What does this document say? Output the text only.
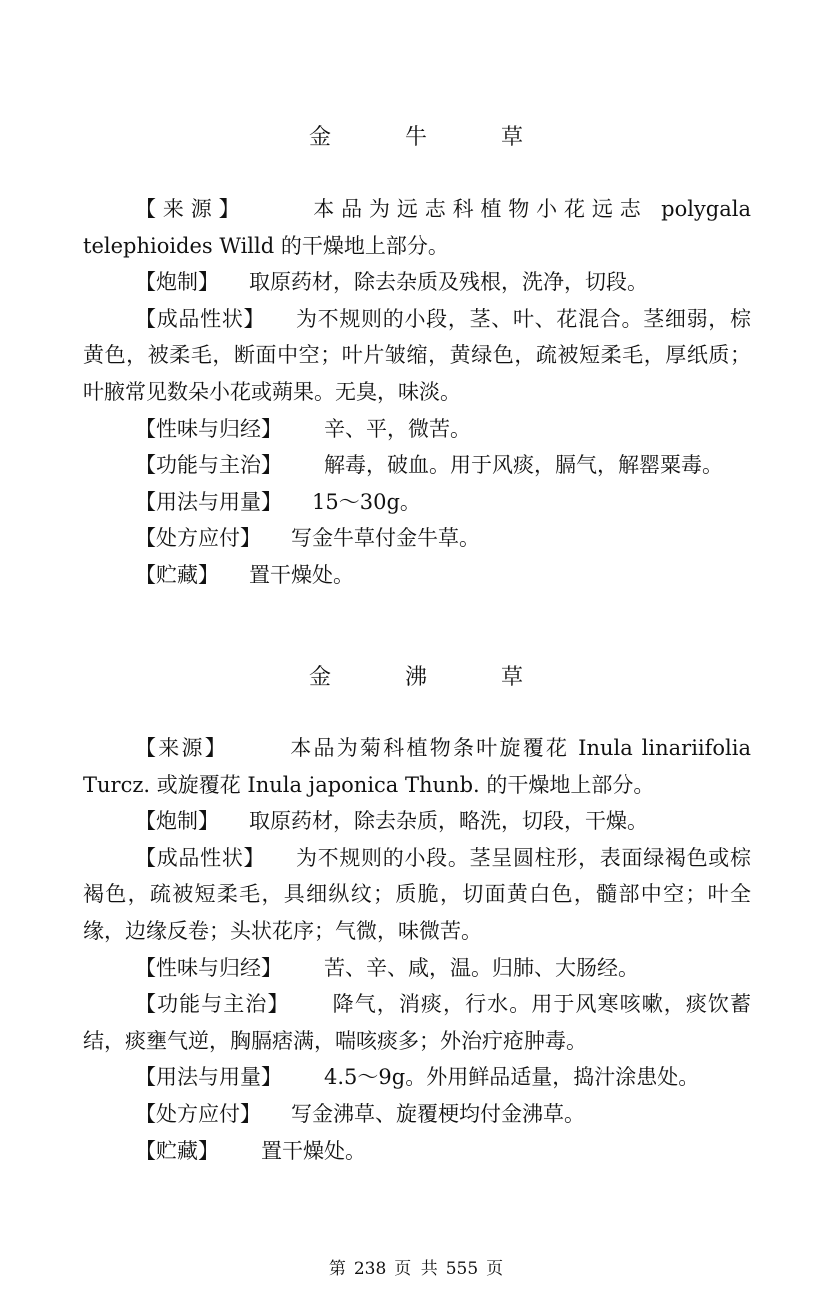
金　牛　草

【来源】	本品为远志科植物小花远志 polygala telephioides Willd 的干燥地上部分。

【炮制】 取原药材，除去杂质及残根，洗净，切段。

【成品性状】 为不规则的小段，茎、叶、花混合。茎细弱，棕黄色，被柔毛，断面中空；叶片皱缩，黄绿色，疏被短柔毛，厚纸质；叶腋常见数朵小花或蒴果。无臭，味淡。

【性味与归经】 辛、平，微苦。

【功能与主治】 解毒，破血。用于风痰，膈气，解罂粟毒。

【用法与用量】 15～30g。

【处方应付】 写金牛草付金牛草。

【贮藏】 置干燥处。

金　沸　草

【来源】	本品为菊科植物条叶旋覆花 Inula linariifolia Turcz. 或旋覆花 Inula japonica Thunb. 的干燥地上部分。

【炮制】 取原药材，除去杂质，略洗，切段，干燥。

【成品性状】 为不规则的小段。茎呈圆柱形，表面绿褐色或棕褐色，疏被短柔毛，具细纵纹；质脆，切面黄白色，髓部中空；叶全缘，边缘反卷；头状花序；气微，味微苦。

【性味与归经】 苦、辛、咸，温。归肺、大肠经。

【功能与主治】 降气，消痰，行水。用于风寒咳嗽，痰饮蓄结，痰壅气逆，胸膈痞满，喘咳痰多；外治疔疮肿毒。

【用法与用量】 4.5～9g。外用鲜品适量，捣汁涂患处。

【处方应付】 写金沸草、旋覆梗均付金沸草。

【贮藏】 置干燥处。

第 238 页 共 555 页
